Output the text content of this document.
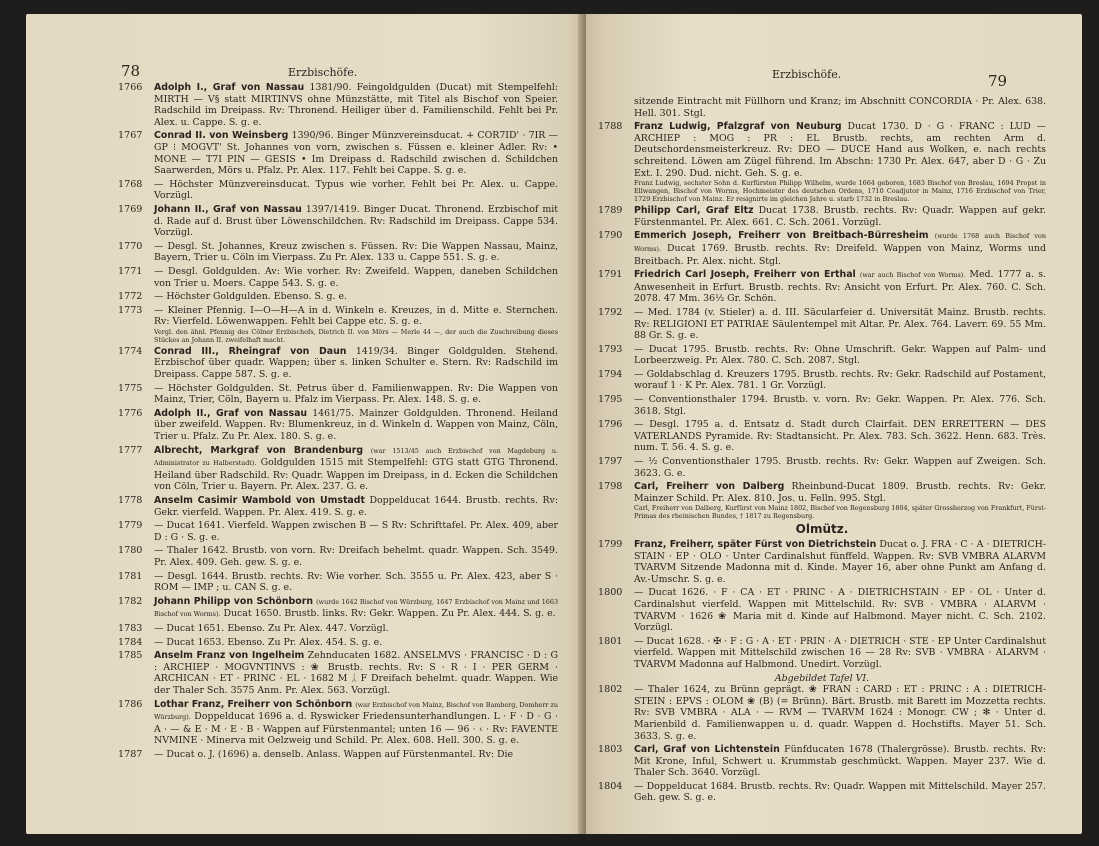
78	Erzbischöfe.
1766 Adolph I., Graf von Nassau 1381/90. Feingoldgulden (Ducat) mit Stempelfehl: MIRTH — V§ statt MIRTINVS ohne Münzstätte, mit Titel als Bischof von Speier. Radschild im Dreipass. Rv: Thronend. Heiliger über d. Familienschild. Fehlt bei Pr. Alex. u. Cappe. S. g. e.
1767 Conrad II. von Weinsberg 1390/96. Binger Münzvereinsducat. + COR7ID' · 7IR — GP ⁝ MOGVT' St. Johannes von vorn, zwischen s. Füssen e. kleiner Adler. Rv: • MONE — T7I PIN — GESIS • Im Dreipass d. Radschild zwischen d. Schildchen Saarwerden, Mörs u. Pfalz. Pr. Alex. 117. Fehlt bei Cappe. S. g. e.
1768 — Höchster Münzvereinsducat. Typus wie vorher. Fehlt bei Pr. Alex. u. Cappe. Vorzügl.
1769 Johann II., Graf von Nassau 1397/1419. Binger Ducat. Thronend. Erzbischof mit d. Rade auf d. Brust über Löwenschildchen. Rv: Radschild im Dreipass. Cappe 534. Vorzügl.
1770 — Desgl. St. Johannes, Kreuz zwischen s. Füssen. Rv: Die Wappen Nassau, Mainz, Bayern, Trier u. Cöln im Vierpass. Zu Pr. Alex. 133 u. Cappe 551. S. g. e.
1771 — Desgl. Goldgulden. Av: Wie vorher. Rv: Zweifeld. Wappen, daneben Schildchen von Trier u. Moers. Cappe 543. S. g. e.
1772 — Höchster Goldgulden. Ebenso. S. g. e.
1773 — Kleiner Pfennig. I—O—H—A in d. Winkeln e. Kreuzes, in d. Mitte e. Sternchen. Rv: Vierfeld. Löwenwappen. Fehlt bei Cappe etc. S. g. e.
Vergl. den ähnl. Pfennig des Cölner Erzbischofs, Dietrich II. von Mörs — Merle 44 —, der auch die Zuschreibung dieses Stückes an Johann II. zweifelhaft macht.
1774 Conrad III., Rheingraf von Daun 1419/34. Binger Goldgulden. Stehend. Erzbischof über quadr. Wappen; über s. linken Schulter e. Stern. Rv: Radschild im Dreipass. Cappe 587. S. g. e.
1775 — Höchster Goldgulden. St. Petrus über d. Familienwappen. Rv: Die Wappen von Mainz, Trier, Cöln, Bayern u. Pfalz im Vierpass. Pr. Alex. 148. S. g. e.
1776 Adolph II., Graf von Nassau 1461/75. Mainzer Goldgulden. Thronend. Heiland über zweifeld. Wappen. Rv: Blumenkreuz, in d. Winkeln d. Wappen von Mainz, Cöln, Trier u. Pfalz. Zu Pr. Alex. 180. S. g. e.
1777 Albrecht, Markgraf von Brandenburg (war 1513/45 auch Erzbischof von Magdeburg u. Administrator zu Halberstadt). Goldgulden 1515 mit Stempelfehl: GTG statt GTG Thronend. Heiland über Radschild. Rv: Quadr. Wappen im Dreipass, in d. Ecken die Schildchen von Cöln, Trier u. Bayern. Pr. Alex. 237. G. e.
1778 Anselm Casimir Wambold von Umstadt Doppelducat 1644. Brustb. rechts. Rv: Gekr. vierfeld. Wappen. Pr. Alex. 419. S. g. e.
1779 — Ducat 1641. Vierfeld. Wappen zwischen B — S Rv: Schrifttafel. Pr. Alex. 409, aber D : G · S. g. e.
1780 — Thaler 1642. Brustb. von vorn. Rv: Dreifach behelmt. quadr. Wappen. Sch. 3549. Pr. Alex. 409. Geh. gew. S. g. e.
1781 — Desgl. 1644. Brustb. rechts. Rv: Wie vorher. Sch. 3555 u. Pr. Alex. 423, aber S · ROM — IMP ; u. CAN S. g. e.
1782 Johann Philipp von Schönborn (wurde 1642 Bischof von Würzburg, 1647 Erzbischof von Mainz und 1663 Bischof von Worms). Ducat 1650. Brustb. links. Rv: Gekr. Wappen. Zu Pr. Alex. 444. S. g. e.
1783 — Ducat 1651. Ebenso. Zu Pr. Alex. 447. Vorzügl.
1784 — Ducat 1653. Ebenso. Zu Pr. Alex. 454. S. g. e.
1785 Anselm Franz von Ingelheim Zehnducaten 1682. ANSELMVS · FRANCISC · D : G : ARCHIEP · MOGVNTINVS : ❀ Brustb. rechts. Rv: S · R · I · PER GERM · ARCHICAN · ET · PRINC · EL · 1682 M ᛸ F Dreifach behelmt. quadr. Wappen. Wie der Thaler Sch. 3575 Anm. Pr. Alex. 563. Vorzügl.
1786 Lothar Franz, Freiherr von Schönborn (war Erzbischof von Mainz, Bischof von Bamberg, Domherr zu Würzburg). Doppelducat 1696 a. d. Ryswicker Friedensunterhandlungen. L · F · D · G · A · — & E · M · E · B · Wappen auf Fürstenmantel; unten 16 — 96 · ‹ · Rv: FAVENTE NVMINE · Minerva mit Oelzweig und Schild. Pr. Alex. 608. Hell. 300. S. g. e.
1787 — Ducat o. J. (1696) a. denselb. Anlass. Wappen auf Fürstenmantel. Rv: Die
Erzbischöfe.	79
sitzende Eintracht mit Füllhorn und Kranz; im Abschnitt CONCORDIA · Pr. Alex. 638. Hell. 301. Stgl.
1788 Franz Ludwig, Pfalzgraf von Neuburg Ducat 1730. D · G · FRANC : LUD — ARCHIEP : MOG : PR : EL Brustb. rechts, am rechten Arm d. Deutschordensmeisterkreuz. Rv: DEO — DUCE Hand aus Wolken, e. nach rechts schreitend. Löwen am Zügel führend. Im Abschn: 1730 Pr. Alex. 647, aber D · G · Zu Ext. I. 290. Dud. nicht. Geh. S. g. e.
Franz Ludwig, sechster Sohn d. Kurfürsten Philipp Wilhelm, wurde 1664 geboren, 1683 Bischof von Breslau, 1694 Propst in Ellwangen, Bischof von Worms, Hochmeister des deutschen Ordens, 1710 Coadjutor in Mainz, 1716 Erzbischof von Trier, 1729 Erzbischof von Mainz. Er resignirte im gleichen Jahre u. starb 1732 in Breslau.
1789 Philipp Carl, Graf Eltz Ducat 1738. Brustb. rechts. Rv: Quadr. Wappen auf gekr. Fürstenmantel. Pr. Alex. 661. C. Sch. 2061. Vorzügl.
1790 Emmerich Joseph, Freiherr von Breitbach-Bürresheim (wurde 1768 auch Bischof von Worms). Ducat 1769. Brustb. rechts. Rv: Dreifeld. Wappen von Mainz, Worms und Breitbach. Pr. Alex. nicht. Stgl.
1791 Friedrich Carl Joseph, Freiherr von Erthal (war auch Bischof von Worms). Med. 1777 a. s. Anwesenheit in Erfurt. Brustb. rechts. Rv: Ansicht von Erfurt. Pr. Alex. 760. C. Sch. 2078. 47 Mm. 36½ Gr. Schön.
1792 — Med. 1784 (v. Stieler) a. d. III. Säcularfeier d. Universität Mainz. Brustb. rechts. Rv: RELIGIONI ET PATRIAE Säulentempel mit Altar. Pr. Alex. 764. Laverr. 69. 55 Mm. 88 Gr. S. g. e.
1793 — Ducat 1795. Brustb. rechts. Rv: Ohne Umschrift. Gekr. Wappen auf Palm- und Lorbeerzweig. Pr. Alex. 780. C. Sch. 2087. Stgl.
1794 — Goldabschlag d. Kreuzers 1795. Brustb. rechts. Rv: Gekr. Radschild auf Postament, worauf 1 · K Pr. Alex. 781. 1 Gr. Vorzügl.
1795 — Conventionsthaler 1794. Brustb. v. vorn. Rv: Gekr. Wappen. Pr. Alex. 776. Sch. 3618. Stgl.
1796 — Desgl. 1795 a. d. Entsatz d. Stadt durch Clairfait. DEN ERRETTERN — DES VATERLANDS Pyramide. Rv: Stadtansicht. Pr. Alex. 783. Sch. 3622. Henn. 683. Très. num. T. 56. 4. S. g. e.
1797 — ½ Conventionsthaler 1795. Brustb. rechts. Rv: Gekr. Wappen auf Zweigen. Sch. 3623. G. e.
1798 Carl, Freiherr von Dalberg Rheinbund-Ducat 1809. Brustb. rechts. Rv: Gekr. Mainzer Schild. Pr. Alex. 810. Jos. u. Felln. 995. Stgl.
Carl, Freiherr von Dalberg, Kurfürst von Mainz 1802, Bischof von Regensburg 1804, später Grossherzog von Frankfurt, Fürst-Primas des rheinischen Bundes, † 1817 zu Regensburg.
Olmütz.
1799 Franz, Freiherr, später Fürst von Dietrichstein Ducat o. J. FRA · C · A · DIETRICH-STAIN · EP · OLO · Unter Cardinalshut fünffeld. Wappen. Rv: SVB VMBRA ALARVM TVARVM Sitzende Madonna mit d. Kinde. Mayer 16, aber ohne Punkt am Anfang d. Av.-Umschr. S. g. e.
1800 — Ducat 1626. · F · CA · ET · PRINC · A · DIETRICHSTAIN · EP · OL · Unter d. Cardinalshut vierfeld. Wappen mit Mittelschild. Rv: SVB · VMBRA · ALARVM · TVARVM · 1626 ❀ Maria mit d. Kinde auf Halbmond. Mayer nicht. C. Sch. 2102. Vorzügl.
1801 — Ducat 1628. · ✠ · F : G · A · ET · PRIN · A · DIETRICH · STE · EP Unter Cardinalshut vierfeld. Wappen mit Mittelschild zwischen 16 — 28 Rv: SVB · VMBRA · ALARVM · TVARVM Madonna auf Halbmond. Unedirt. Vorzügl.
Abgebildet Tafel VI.
1802 — Thaler 1624, zu Brünn geprägt. ❀ FRAN : CARD : ET : PRINC : A : DIETRICH-STEIN : EPVS : OLOM ❀ (B) (= Brünn). Bärt. Brustb. mit Barett im Mozzetta rechts. Rv: SVB VMBRA · ALA · — RVM — TVARVM 1624 : Monogr. CW ; ✻ · Unter d. Marienbild d. Familienwappen u. d. quadr. Wappen d. Hochstifts. Mayer 51. Sch. 3633. S. g. e.
1803 Carl, Graf von Lichtenstein Fünfducaten 1678 (Thalergrösse). Brustb. rechts. Rv: Mit Krone, Inful, Schwert u. Krummstab geschmückt. Wappen. Mayer 237. Wie d. Thaler Sch. 3640. Vorzügl.
1804 — Doppelducat 1684. Brustb. rechts. Rv: Quadr. Wappen mit Mittelschild. Mayer 257. Geh. gew. S. g. e.
